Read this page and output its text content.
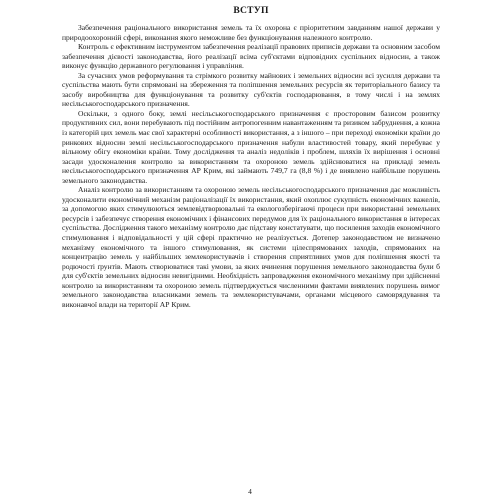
ВСТУП

Забезпечення раціонального використання земель та їх охорона є пріоритетним завданням нашої держави у природоохоронній сфері, виконання якого неможливе без функціонування належного контролю.

Контроль є ефективним інструментом забезпечення реалізації правових приписів держави та основним засобом забезпечення дієвості законодавства, його реалізації всіма суб'єктами відповідних суспільних відносин, а також виконує функцію державного регулювання і управління.

За сучасних умов реформування та стрімкого розвитку майнових і земельних відносин всі зусилля держави та суспільства мають бути спрямовані на збереження та поліпшення земельних ресурсів як територіального базису та засобу виробництва для функціонування та розвитку суб'єктів господарювання, в тому числі і на землях несільськогосподарського призначення.

Оскільки, з одного боку, землі несільськогосподарського призначення є просторовим базисом розвитку продуктивних сил, вони перебувають під постійним антропогенним навантаженням та ризиком забруднення, а кожна із категорій цих земель має свої характерні особливості використання, а з іншого – при переході економіки країни до ринкових відносин землі несільськогосподарського призначення набули властивостей товару, який перебуває у вільному обігу економіки країни. Тому дослідження та аналіз недоліків і проблем, шляхів їх вирішення і основні засади удосконалення контролю за використанням та охороною земель здійснюватися на прикладі земель несільськогосподарського призначення АР Крим, які займають 749,7 га (8,8 %) і де виявлено найбільше порушень земельного законодавства.

Аналіз контролю за використанням та охороною земель несільськогосподарського призначення дає можливість удосконалити економічний механізм раціоналізації їх використання, який охоплює сукупність економічних важелів, за допомогою яких стимулюються землевідтворювальні та екологозберігаючі процеси при використанні земельних ресурсів і забезпечує створення економічних і фінансових передумов для їх раціонального використання в інтересах суспільства. Дослідження такого механізму контролю дає підставу констатувати, що посилення заходів економічного стимулювання і відповідальності у цій сфері практично не реалізується. Дотепер законодавством не визначено механізму економічного та іншого стимулювання, як системи цілеспрямованих заходів, спрямованих на концентрацію земель у найбільших землекористувачів і створення сприятливих умов для поліпшення якості та родючості ґрунтів. Мають створюватися такі умови, за яких вчинення порушення земельного законодавства були б для суб'єктів земельних відносин невигідними. Необхідність запровадження економічного механізму при здійсненні контролю за використанням та охороною земель підтверджується численними фактами виявлених порушень вимог земельного законодавства власниками земель та землекористувачами, органами місцевого самоврядування та виконавчої влади на території АР Крим.

4
